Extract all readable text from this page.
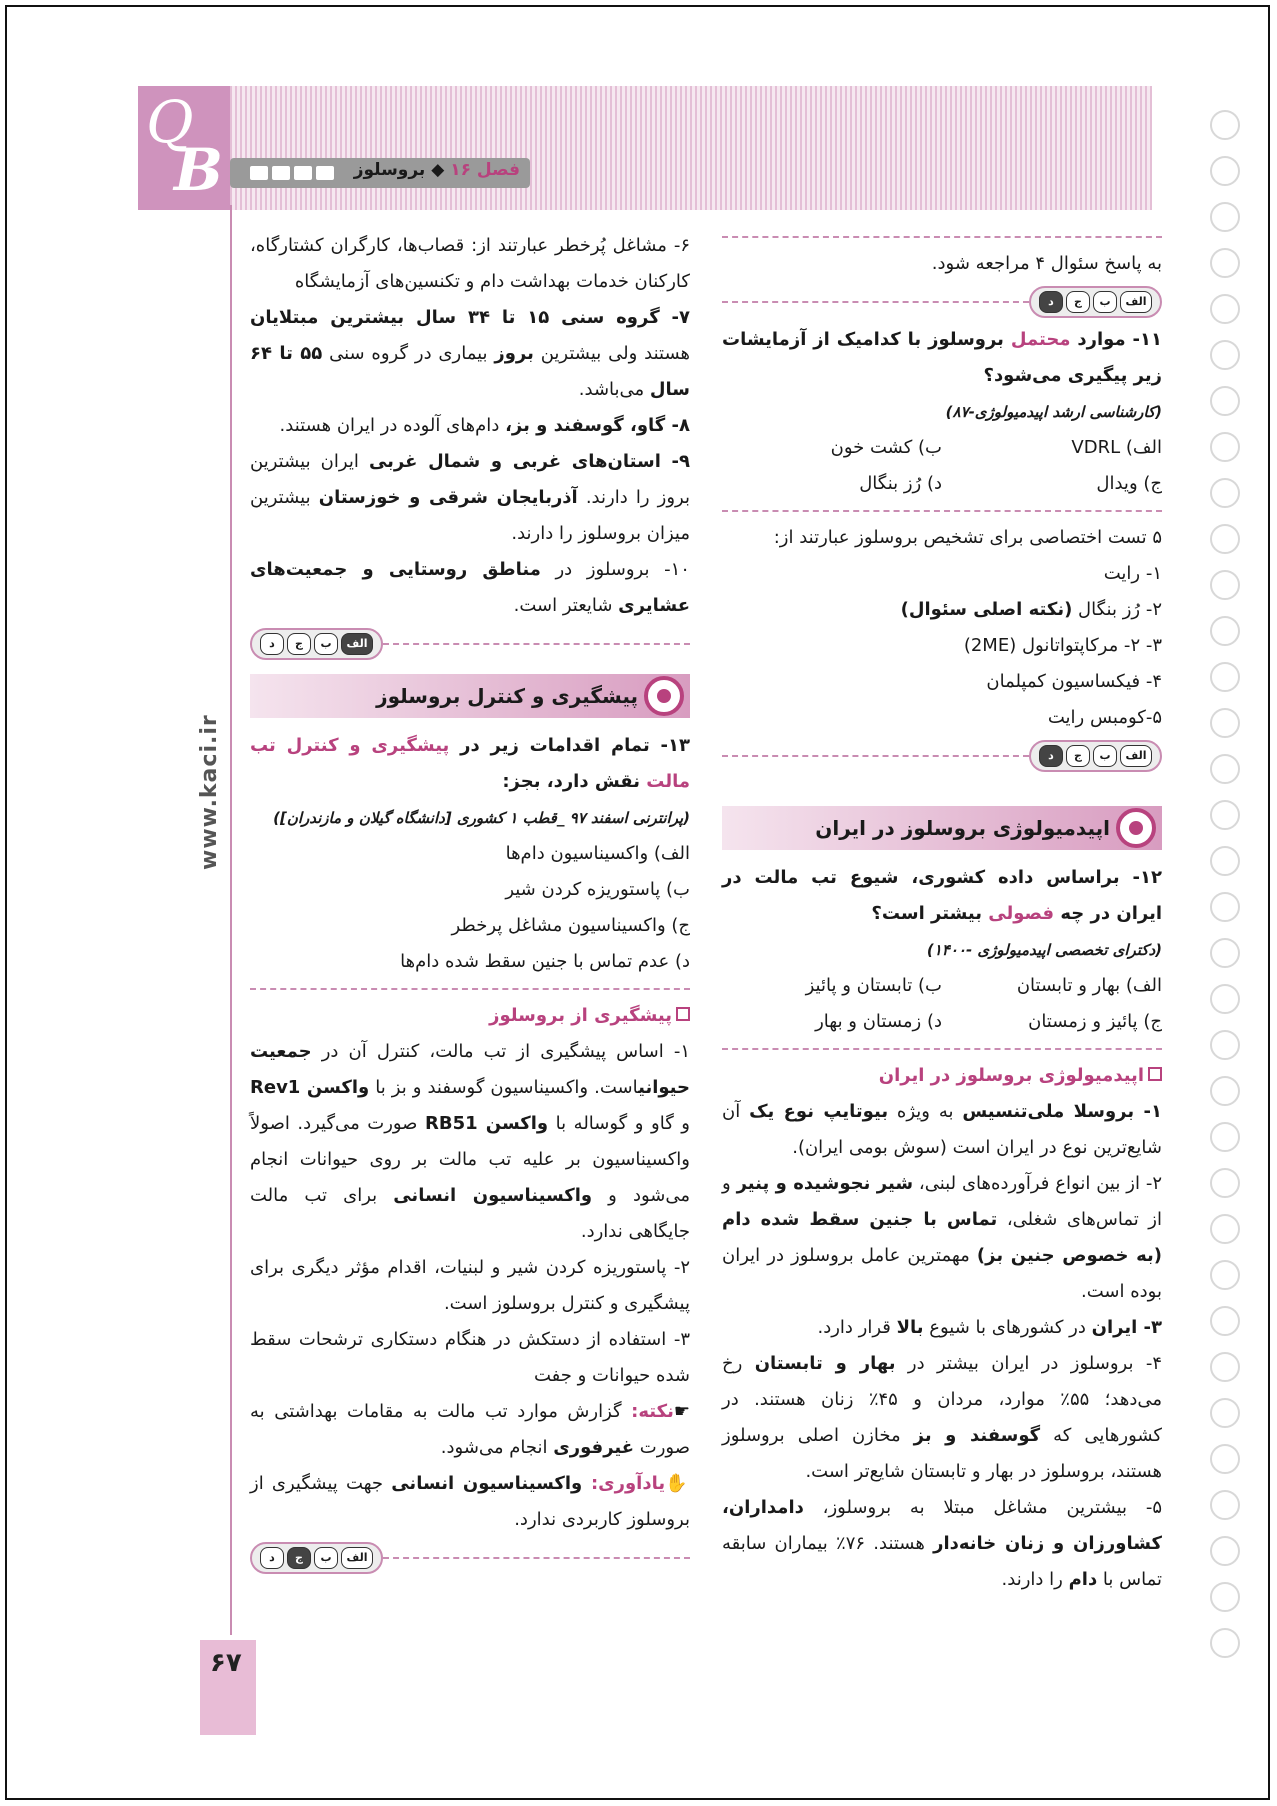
Q
B	فصل ۱۶ ◆ بروسلوز
www.kaci.ir
۶۷

۶- مشاغل پُرخطر عبارتند از: قصاب‌ها، کارگران کشتارگاه، کارکنان خدمات بهداشت دام و تکنسین‌های آزمایشگاه

۷- گروه سنی ۱۵ تا ۳۴ سال بیشترین مبتلایان هستند ولی بیشترین بروز بیماری در گروه سنی ۵۵ تا ۶۴ سال می‌باشد.

۸- گاو، گوسفند و بز، دام‌های آلوده در ایران هستند.

۹- استان‌های غربی و شمال غربی ایران بیشترین بروز را دارند. آذربایجان شرقی و خوزستان بیشترین میزان بروسلوز را دارند.

۱۰- بروسلوز در مناطق روستایی و جمعیت‌های عشایری شایعتر است.

د	ج	ب	الف
پیشگیری و کنترل بروسلوز

۱۳- تمام اقدامات زیر در پیشگیری و کنترل تب مالت نقش دارد، بجز:

(پرانترنی اسفند ۹۷ _قطب ۱ کشوری [دانشگاه گیلان و مازندران])

الف) واکسیناسیون دام‌ها

ب) پاستوریزه کردن شیر

ج) واکسیناسیون مشاغل پرخطر

د) عدم تماس با جنین سقط شده دام‌ها

پیشگیری از بروسلوز

۱- اساس پیشگیری از تب مالت، کنترل آن در جمعیت حیوانیاست. واکسیناسیون گوسفند و بز با واکسن Rev1 و گاو و گوساله با واکسن RB51 صورت می‌گیرد. اصولاً واکسیناسیون بر علیه تب مالت بر روی حیوانات انجام می‌شود و واکسیناسیون انسانی برای تب مالت جایگاهی ندارد.

۲- پاستوریزه کردن شیر و لبنیات، اقدام مؤثر دیگری برای پیشگیری و کنترل بروسلوز است.

۳- استفاده از دستکش در هنگام دستکاری ترشحات سقط شده حیوانات و جفت

☛نکته: گزارش موارد تب مالت به مقامات بهداشتی به صورت غیرفوری انجام می‌شود.

✋یادآوری: واکسیناسیون انسانی جهت پیشگیری از بروسلوز کاربردی ندارد.

د	ج	ب	الف

به پاسخ سئوال ۴ مراجعه شود.

د	ج	ب	الف

۱۱- موارد محتمل بروسلوز با کدامیک از آزمایشات زیر پیگیری می‌شود؟

(کارشناسی ارشد اپیدمیولوژی-۸۷)

الف) VDRL
ب) کشت خون
ج) ویدال
د) رُز بنگال

۵ تست اختصاصی برای تشخیص بروسلوز عبارتند از:

۱- رایت

۲- رُز بنگال (نکته اصلی سئوال)

۳- ۲- مرکاپتواتانول (2ME)

۴- فیکساسیون کمپلمان

۵-کومبس رایت

د	ج	ب	الف
اپیدمیولوژی بروسلوز در ایران

۱۲- براساس داده کشوری، شیوع تب مالت در ایران در چه فصولی بیشتر است؟

(دکترای تخصصی اپیدمیولوژی -۱۴۰۰)

الف) بهار و تابستان
ب) تابستان و پائیز
ج) پائیز و زمستان
د) زمستان و بهار

اپیدمیولوژی بروسلوز در ایران

۱- بروسلا ملی‌تنسیس به ویژه بیوتایپ نوع یک آن شایع‌ترین نوع در ایران است (سوش بومی ایران).

۲- از بین انواع فرآورده‌های لبنی، شیر نجوشیده و پنیر و از تماس‌های شغلی، تماس با جنین سقط شده دام (به خصوص جنین بز) مهمترین عامل بروسلوز در ایران بوده است.

۳- ایران در کشورهای با شیوع بالا قرار دارد.

۴- بروسلوز در ایران بیشتر در بهار و تابستان رخ می‌دهد؛ ۵۵٪ موارد، مردان و ۴۵٪ زنان هستند. در کشورهایی که گوسفند و بز مخازن اصلی بروسلوز هستند، بروسلوز در بهار و تابستان شایع‌تر است.

۵- بیشترین مشاغل مبتلا به بروسلوز، دامداران، کشاورزان و زنان خانه‌دار هستند. ۷۶٪ بیماران سابقه تماس با دام را دارند.
